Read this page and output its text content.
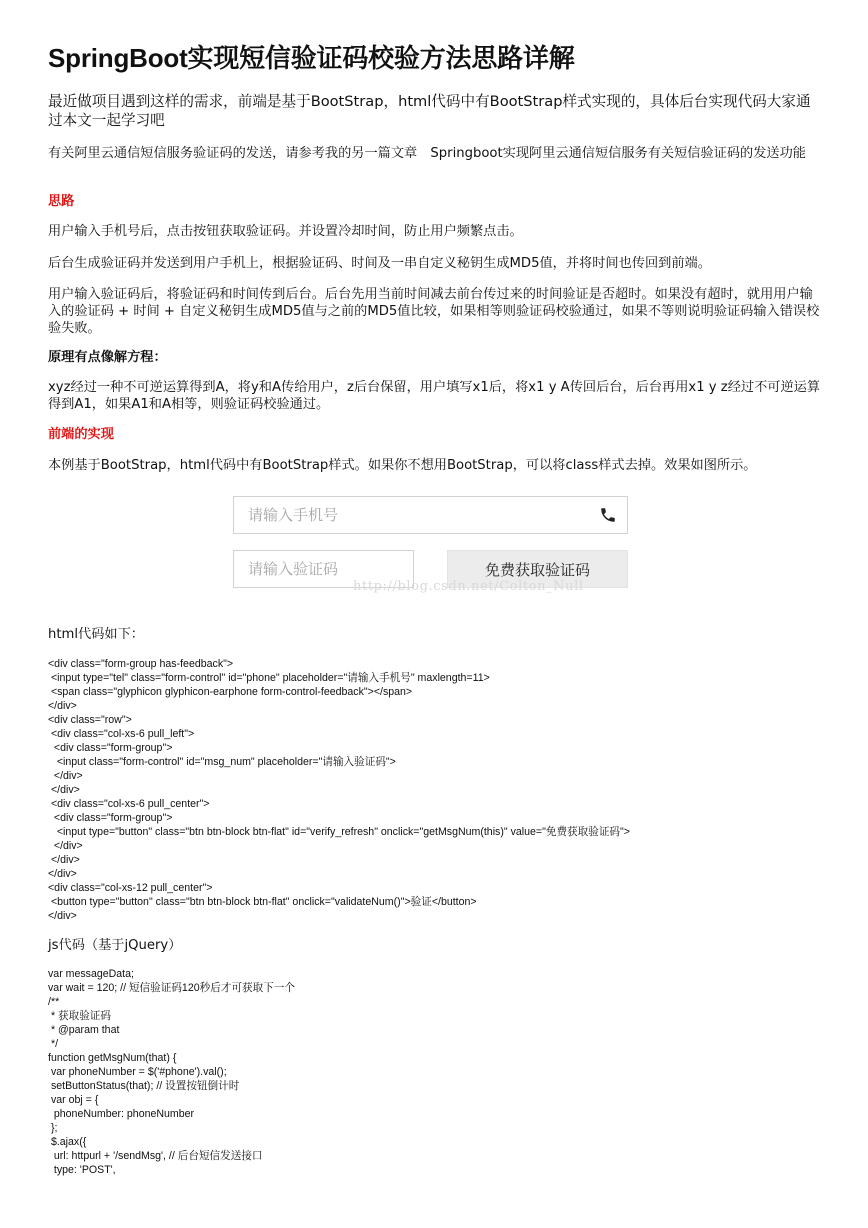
SpringBoot实现短信验证码校验方法思路详解

最近做项目遇到这样的需求，前端是基于BootStrap，html代码中有BootStrap样式实现的，具体后台实现代码大家通过本文一起学习吧

有关阿里云通信短信服务验证码的发送，请参考我的另一篇文章　Springboot实现阿里云通信短信服务有关短信验证码的发送功能

思路

用户输入手机号后，点击按钮获取验证码。并设置冷却时间，防止用户频繁点击。

后台生成验证码并发送到用户手机上，根据验证码、时间及一串自定义秘钥生成MD5值，并将时间也传回到前端。

用户输入验证码后，将验证码和时间传到后台。后台先用当前时间减去前台传过来的时间验证是否超时。如果没有超时，就用用户输入的验证码 + 时间 + 自定义秘钥生成MD5值与之前的MD5值比较，如果相等则验证码校验通过，如果不等则说明验证码输入错误校验失败。

原理有点像解方程：

xyz经过一种不可逆运算得到A，将y和A传给用户，z后台保留，用户填写x1后，将x1 y A传回后台，后台再用x1 y z经过不可逆运算得到A1，如果A1和A相等，则验证码校验通过。

前端的实现

本例基于BootStrap，html代码中有BootStrap样式。如果你不想用BootStrap，可以将class样式去掉。效果如图所示。

请输入手机号
请输入验证码	免费获取验证码
http://blog.csdn.net/Colton_Null

html代码如下：

<div class="form-group has-feedback">
<input type="tel" class="form-control" id="phone" placeholder="请输入手机号" maxlength=11>
<span class="glyphicon glyphicon-earphone form-control-feedback"></span>
</div>
<div class="row">
<div class="col-xs-6 pull_left">
<div class="form-group">
<input class="form-control" id="msg_num" placeholder="请输入验证码">
</div>
</div>
<div class="col-xs-6 pull_center">
<div class="form-group">
<input type="button" class="btn btn-block btn-flat" id="verify_refresh" onclick="getMsgNum(this)" value="免费获取验证码">
</div>
</div>
</div>
<div class="col-xs-12 pull_center">
<button type="button" class="btn btn-block btn-flat" onclick="validateNum()">验证</button>
</div>

js代码（基于jQuery）

var messageData;
var wait = 120; // 短信验证码120秒后才可获取下一个
/**
* 获取验证码
* @param that
*/
function getMsgNum(that) {
var phoneNumber = $('#phone').val();
setButtonStatus(that); // 设置按钮倒计时
var obj = {
phoneNumber: phoneNumber
};
$.ajax({
url: httpurl + '/sendMsg', // 后台短信发送接口
type: 'POST',
